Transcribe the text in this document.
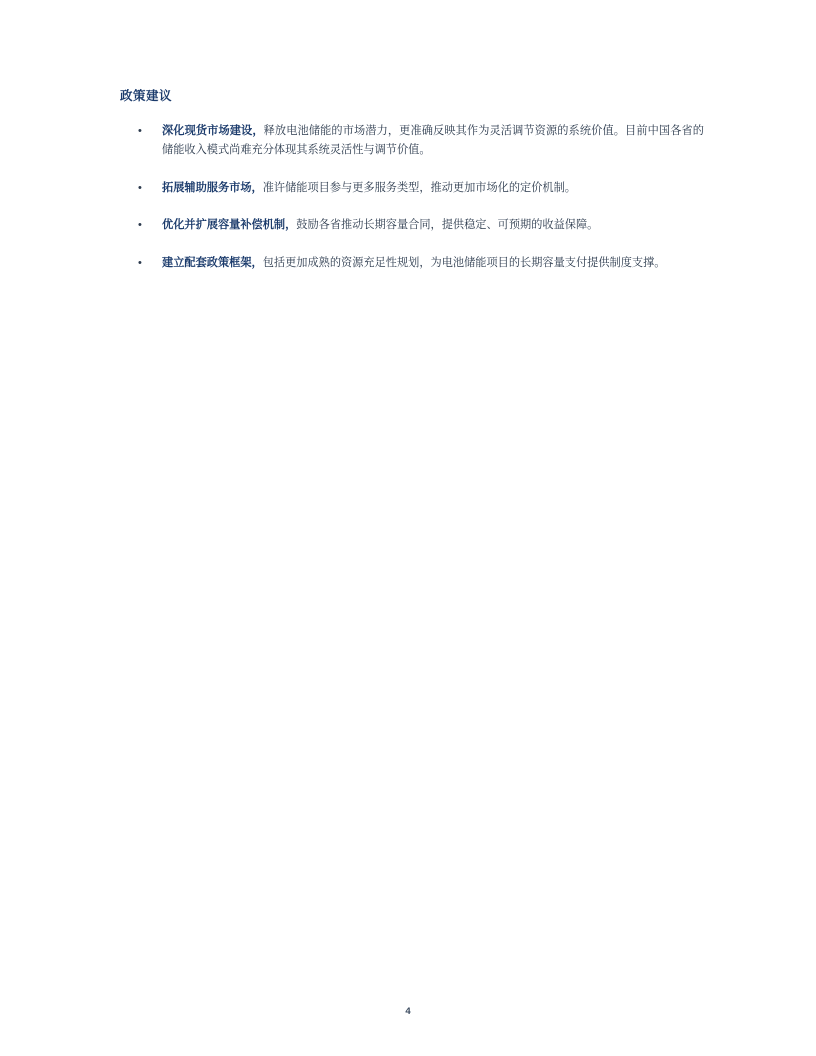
政策建议
• 深化现货市场建设，释放电池储能的市场潜力，更准确反映其作为灵活调节资源的系统价值。目前中国各省的储能收入模式尚难充分体现其系统灵活性与调节价值。
• 拓展辅助服务市场，准许储能项目参与更多服务类型，推动更加市场化的定价机制。
• 优化并扩展容量补偿机制，鼓励各省推动长期容量合同，提供稳定、可预期的收益保障。
• 建立配套政策框架，包括更加成熟的资源充足性规划，为电池储能项目的长期容量支付提供制度支撑。
4
